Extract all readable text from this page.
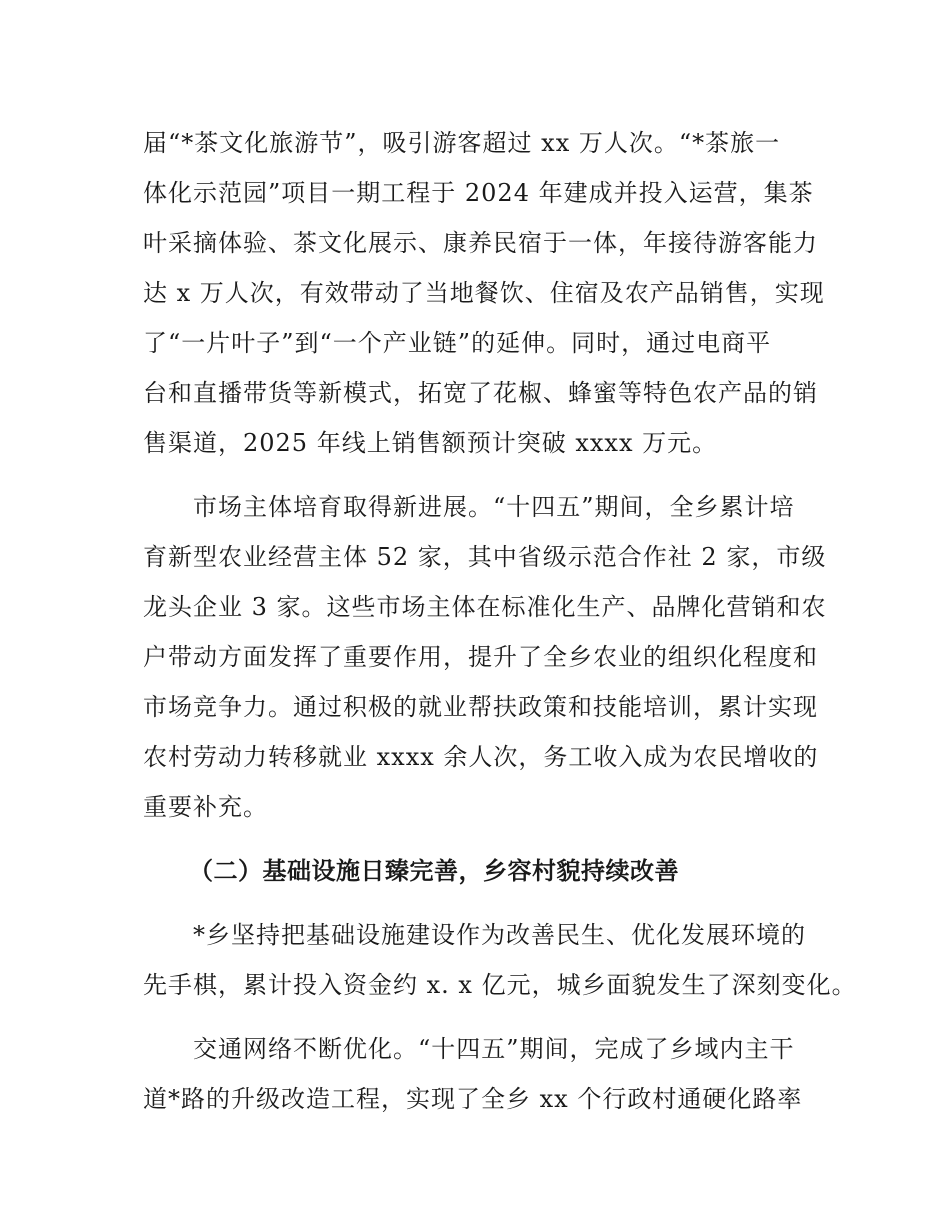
届“*茶文化旅游节”，吸引游客超过 xx 万人次。“*茶旅一
体化示范园”项目一期工程于 2024 年建成并投入运营，集茶
叶采摘体验、茶文化展示、康养民宿于一体，年接待游客能力
达 x 万人次，有效带动了当地餐饮、住宿及农产品销售，实现
了“一片叶子”到“一个产业链”的延伸。同时，通过电商平
台和直播带货等新模式，拓宽了花椒、蜂蜜等特色农产品的销
售渠道，2025 年线上销售额预计突破 xxxx 万元。
市场主体培育取得新进展。“十四五”期间，全乡累计培
育新型农业经营主体 52 家，其中省级示范合作社 2 家，市级
龙头企业 3 家。这些市场主体在标准化生产、品牌化营销和农
户带动方面发挥了重要作用，提升了全乡农业的组织化程度和
市场竞争力。通过积极的就业帮扶政策和技能培训，累计实现
农村劳动力转移就业 xxxx 余人次，务工收入成为农民增收的
重要补充。
（二）基础设施日臻完善，乡容村貌持续改善
*乡坚持把基础设施建设作为改善民生、优化发展环境的
先手棋，累计投入资金约 x. x 亿元，城乡面貌发生了深刻变化。
交通网络不断优化。“十四五”期间，完成了乡域内主干
道*路的升级改造工程，实现了全乡 xx 个行政村通硬化路率
